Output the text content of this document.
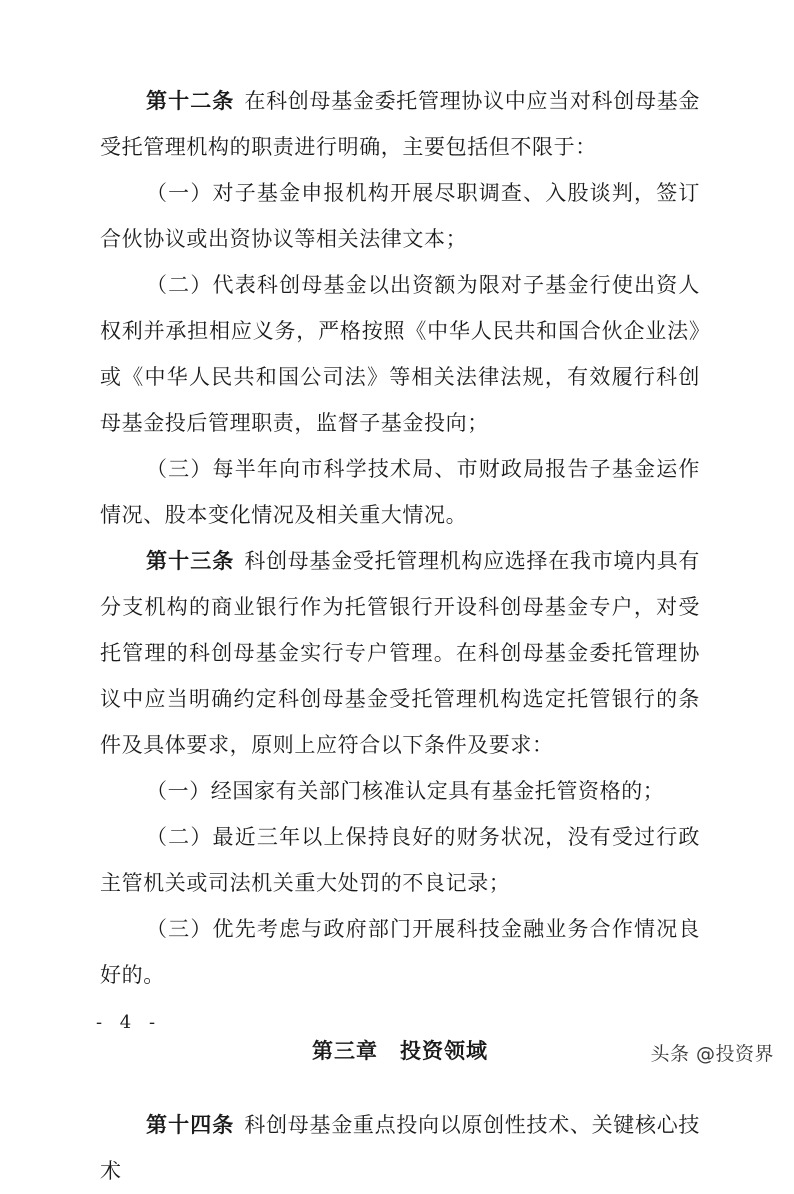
第十二条 在科创母基金委托管理协议中应当对科创母基金受托管理机构的职责进行明确，主要包括但不限于：

（一）对子基金申报机构开展尽职调查、入股谈判，签订合伙协议或出资协议等相关法律文本；

（二）代表科创母基金以出资额为限对子基金行使出资人权利并承担相应义务，严格按照《中华人民共和国合伙企业法》或《中华人民共和国公司法》等相关法律法规，有效履行科创母基金投后管理职责，监督子基金投向；

（三）每半年向市科学技术局、市财政局报告子基金运作情况、股本变化情况及相关重大情况。

第十三条 科创母基金受托管理机构应选择在我市境内具有分支机构的商业银行作为托管银行开设科创母基金专户，对受托管理的科创母基金实行专户管理。在科创母基金委托管理协议中应当明确约定科创母基金受托管理机构选定托管银行的条件及具体要求，原则上应符合以下条件及要求：

（一）经国家有关部门核准认定具有基金托管资格的；

（二）最近三年以上保持良好的财务状况，没有受过行政主管机关或司法机关重大处罚的不良记录；

（三）优先考虑与政府部门开展科技金融业务合作情况良好的。

第三章 投资领域

第十四条 科创母基金重点投向以原创性技术、关键核心技术

- 4 -
头条 @投资界
